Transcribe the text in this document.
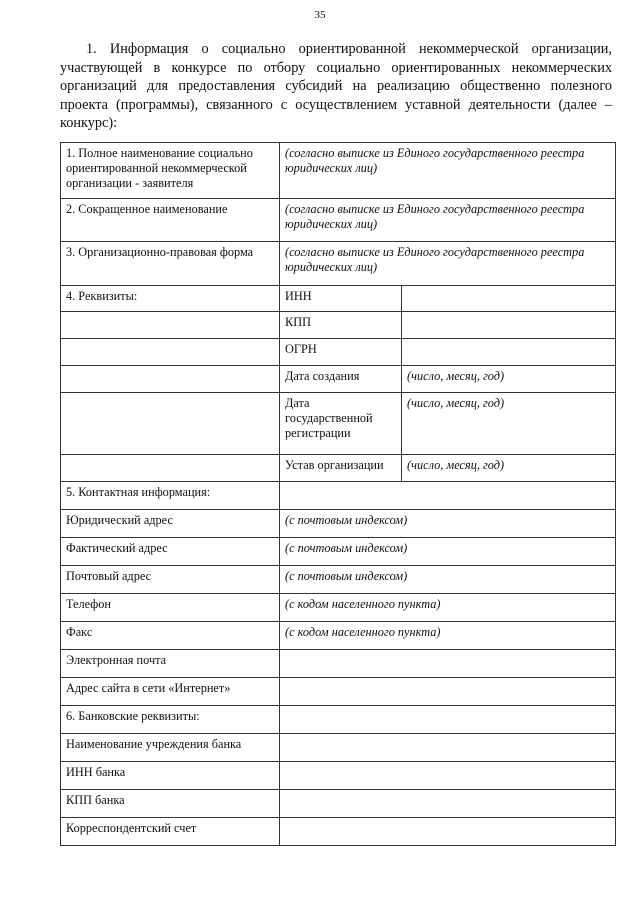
35
1. Информация о социально ориентированной некоммерческой организации, участвующей в конкурсе по отбору социально ориентированных некоммерческих организаций для предоставления субсидий на реализацию общественно полезного проекта (программы), связанного с осуществлением уставной деятельности (далее – конкурс):
1. Полное наименование социально ориентированной некоммерческой организации - заявителя	(согласно выписке из Единого государственного реестра юридических лиц)	
2. Сокращенное наименование	(согласно выписке из Единого государственного реестра юридических лиц)	
3. Организационно-правовая форма	(согласно выписке из Единого государственного реестра юридических лиц)	
4. Реквизиты:	ИНН	
	КПП	
	ОГРН	
	Дата создания	(число, месяц, год)
	Дата государственной регистрации	(число, месяц, год)
	Устав организации	(число, месяц, год)
5. Контактная информация:		
Юридический адрес	(с почтовым индексом)	
Фактический адрес	(с почтовым индексом)	
Почтовый адрес	(с почтовым индексом)	
Телефон	(с кодом населенного пункта)	
Факс	(с кодом населенного пункта)	
Электронная почта		
Адрес сайта в сети «Интернет»		
6. Банковские реквизиты:		
Наименование учреждения банка		
ИНН банка		
КПП банка		
Корреспондентский счет		
